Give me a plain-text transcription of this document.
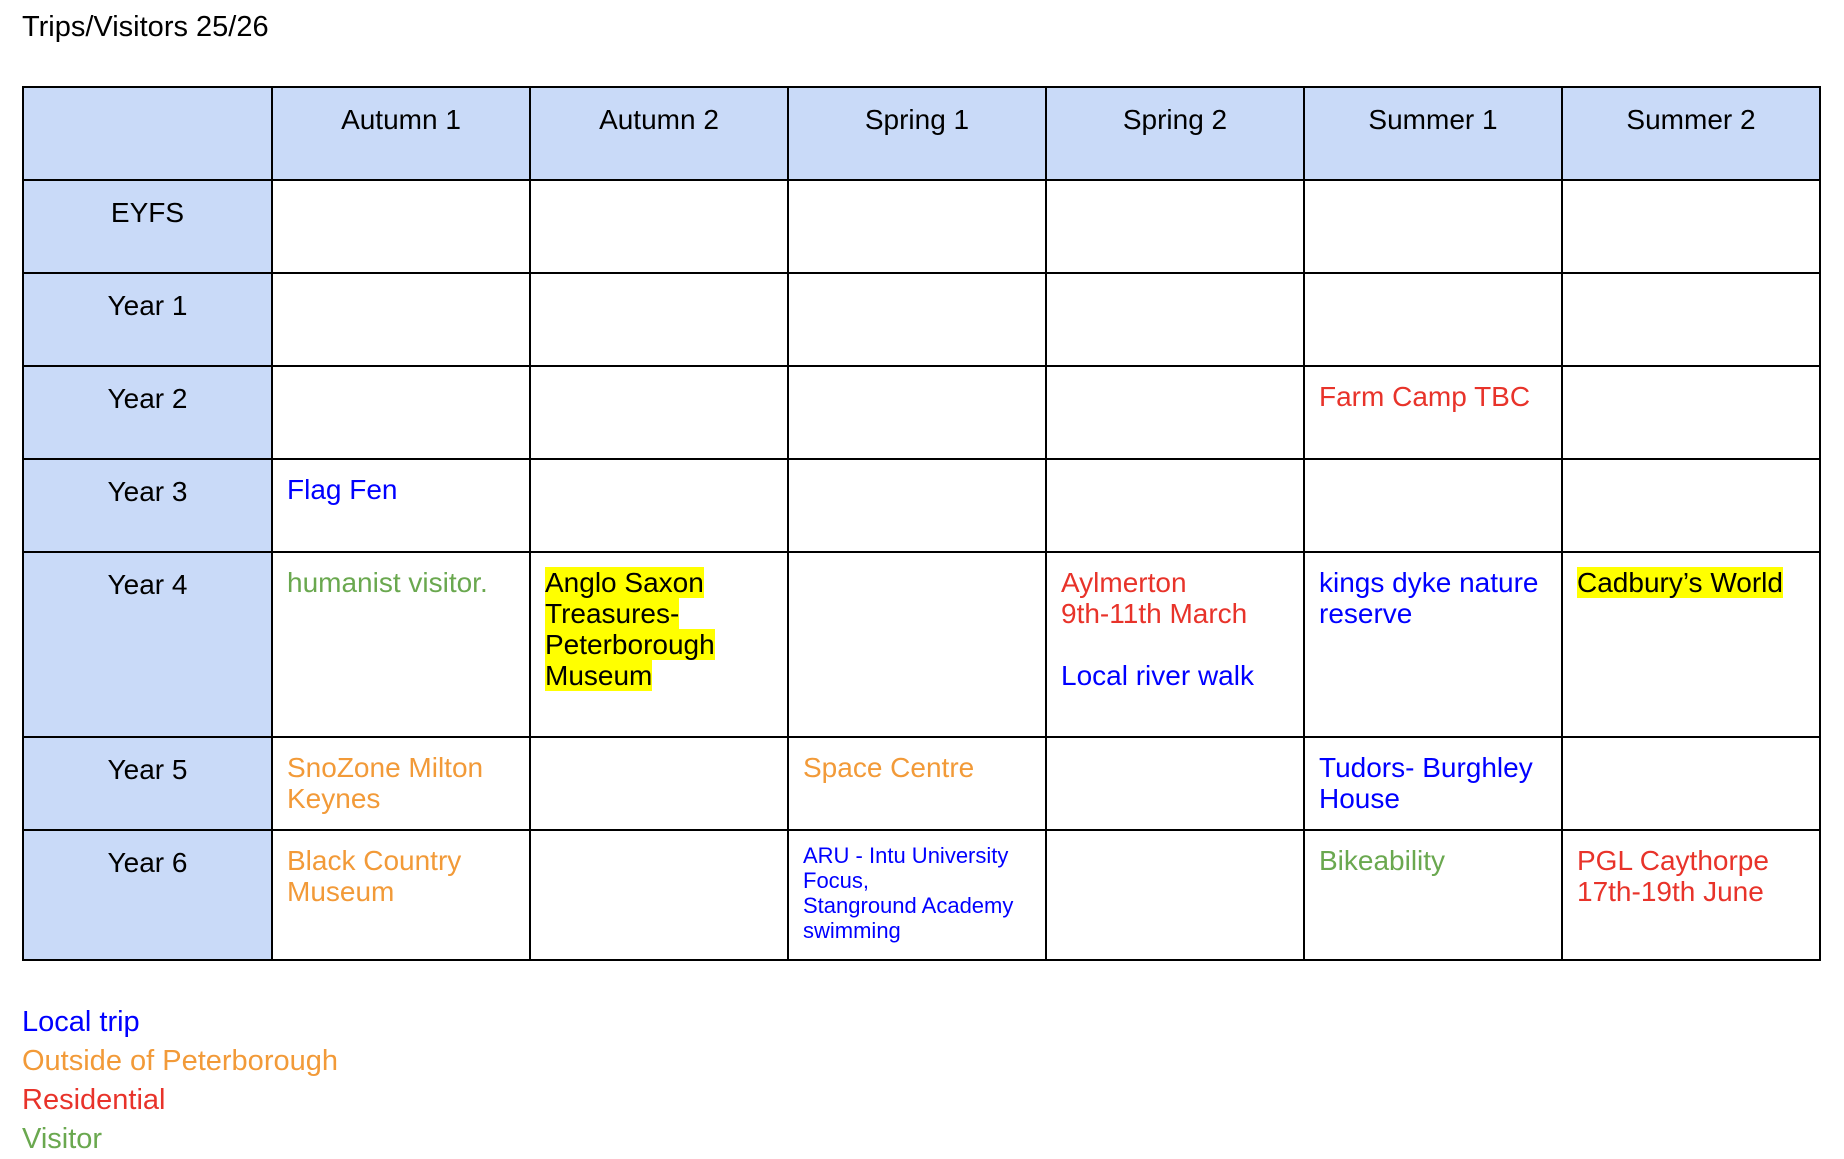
Trips/Visitors 25/26
	Autumn 1	Autumn 2	Spring 1	Spring 2	Summer 1	Summer 2
EYFS						
Year 1						
Year 2					Farm Camp TBC	

Year 3	Flag Fen					

Year 4	humanist visitor.	Anglo Saxon
Treasures-
Peterborough
Museum		Aylmerton
9th-11th March
Local river walk	kings dyke nature
reserve	Cadbury’s World

Year 5	SnoZone Milton
Keynes		Space Centre		Tudors- Burghley
House	

Year 6	Black Country
Museum		ARU - Intu University
Focus,
Stanground Academy
swimming		Bikeability	PGL Caythorpe
17th-19th June
Local trip
Outside of Peterborough
Residential
Visitor
